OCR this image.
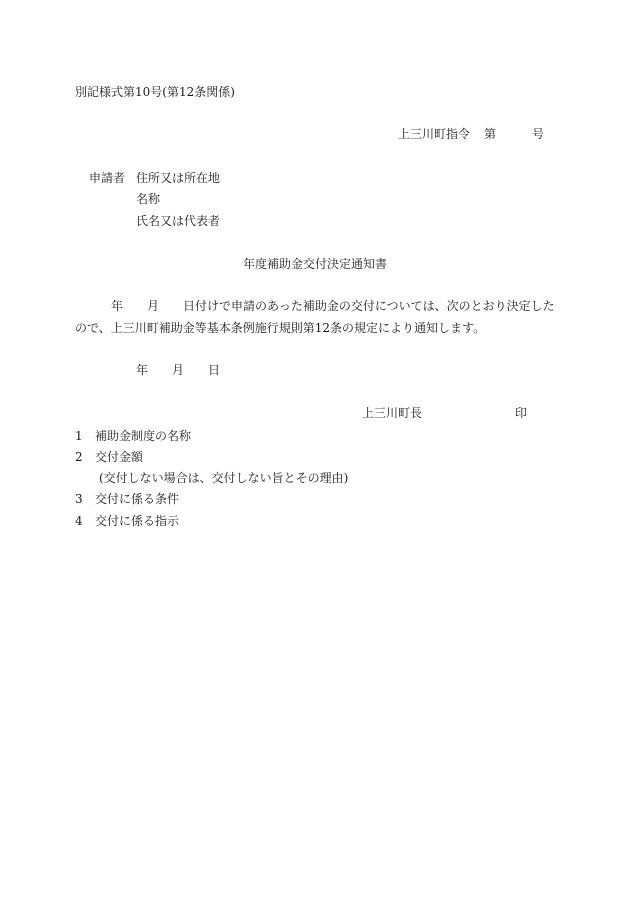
別記様式第10号(第12条関係)
上三川町指令 第	号
申請者 住所又は所在地
名称
氏名又は代表者
年度補助金交付決定通知書
年 月 日付けで申請のあった補助金の交付については、次のとおり決定した
ので、上三川町補助金等基本条例施行規則第12条の規定により通知します。
年 月 日
上三川町長	印
1 補助金制度の名称
2 交付金額
(交付しない場合は、交付しない旨とその理由)
3 交付に係る条件
4 交付に係る指示
